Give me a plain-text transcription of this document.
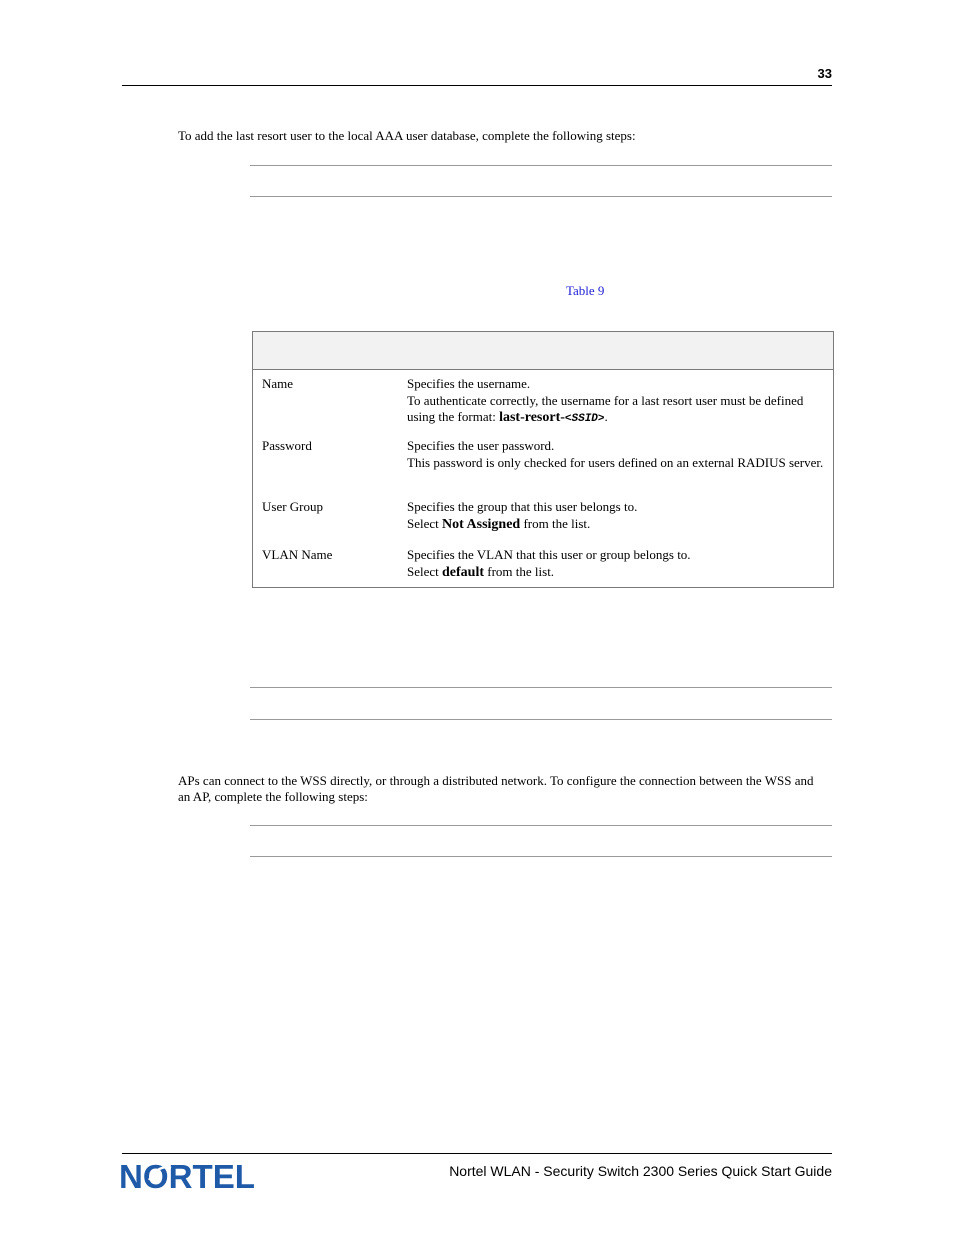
33
To add the last resort user to the local AAA user database, complete the following steps:
Table 9
Name	Specifies the username.
To authenticate correctly, the username for a last resort user must be defined using the format: last-resort-<SSID>.
Password	Specifies the user password.
This password is only checked for users defined on an external RADIUS server.
User Group	Specifies the group that this user belongs to.
Select Not Assigned from the list.
VLAN Name	Specifies the VLAN that this user or group belongs to.
Select default from the list.
APs can connect to the WSS directly, or through a distributed network. To configure the connection between the WSS and an AP, complete the following steps:
NORTEL	Nortel WLAN - Security Switch 2300 Series Quick Start Guide
